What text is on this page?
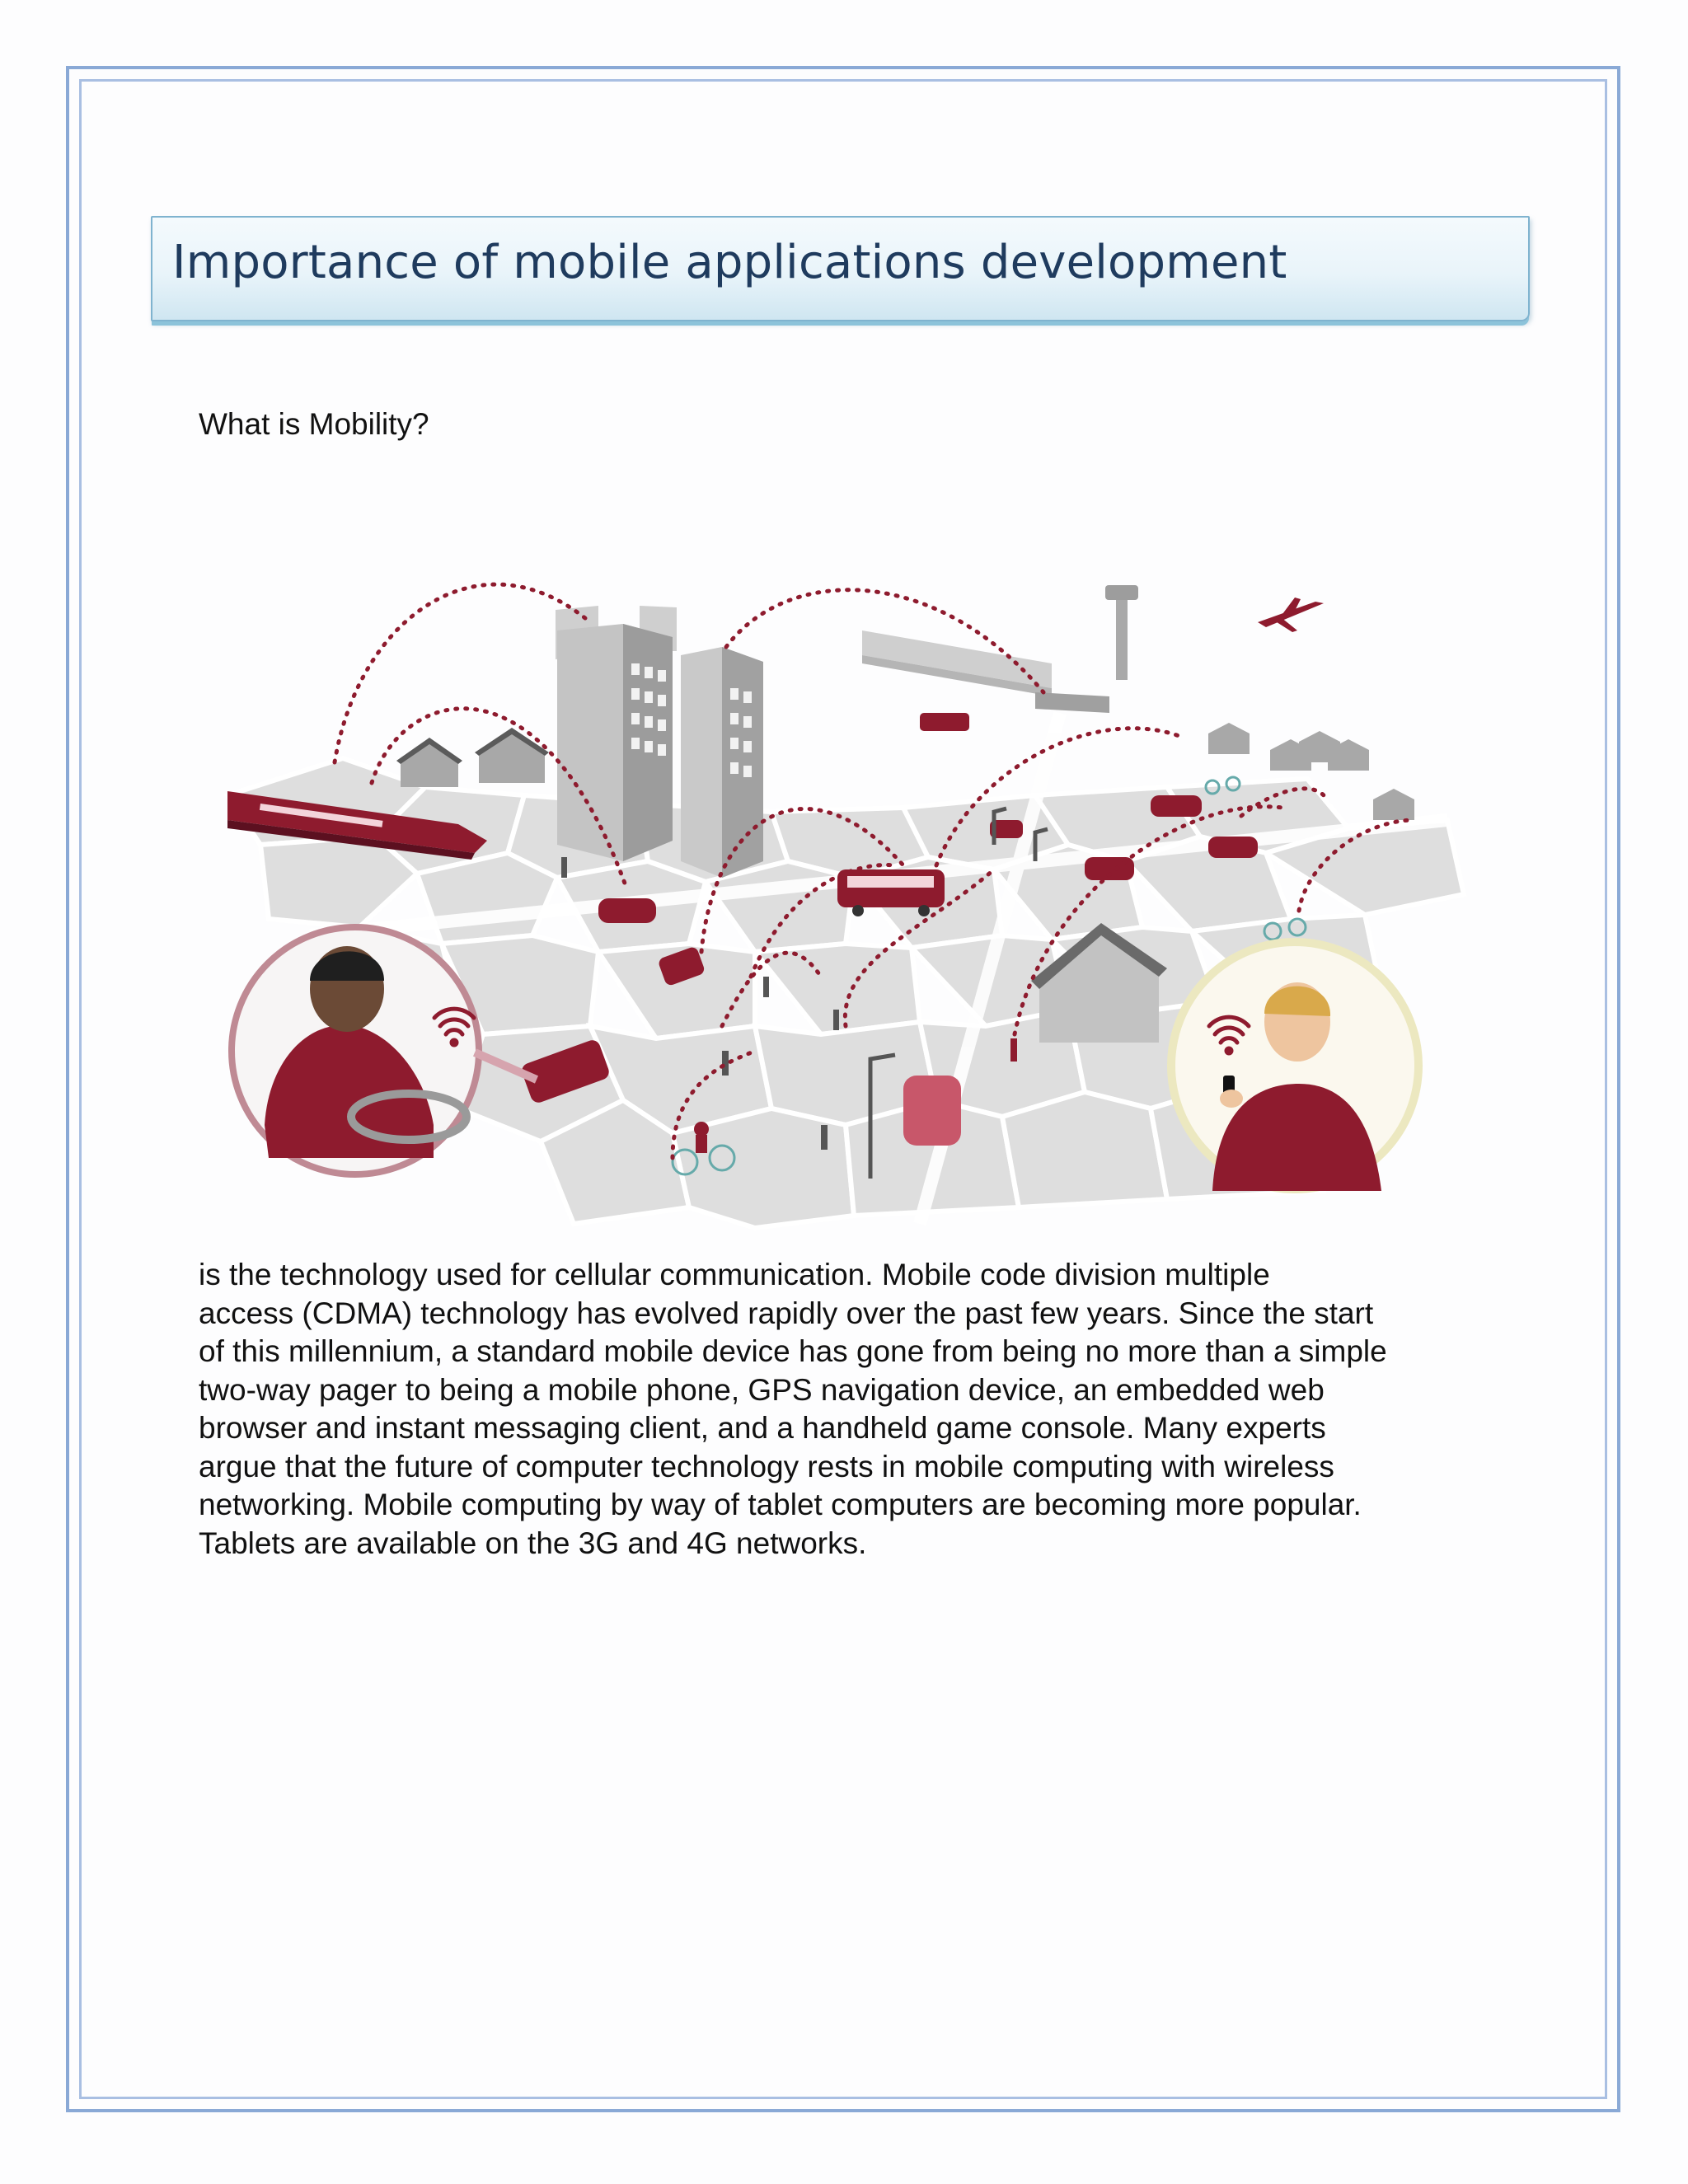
Importance of mobile applications development
What is Mobility?
is the technology used for cellular communication. Mobile code division multiple
access (CDMA) technology has evolved rapidly over the past few years. Since the start
of this millennium, a standard mobile device has gone from being no more than a simple
two-way pager to being a mobile phone, GPS navigation device, an embedded web
browser and instant messaging client, and a handheld game console. Many experts
argue that the future of computer technology rests in mobile computing with wireless
networking. Mobile computing by way of tablet computers are becoming more popular.
Tablets are available on the 3G and 4G networks.
